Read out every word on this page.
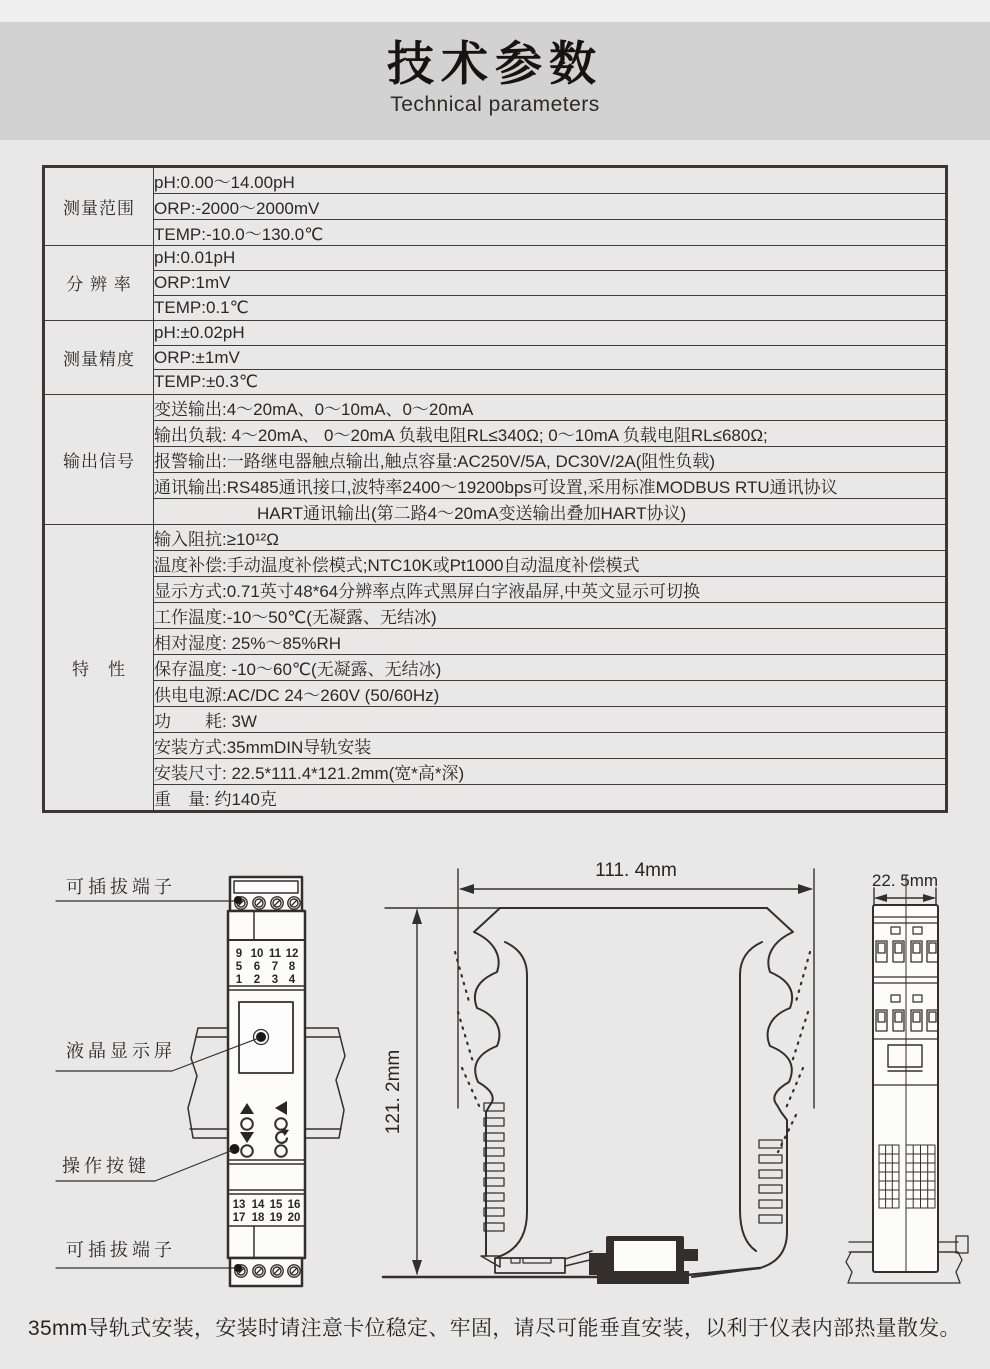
技术参数
Technical parameters
测量范围	pH:0.00～14.00pH
	ORP:-2000～2000mV
	TEMP:-10.0～130.0℃
分 辨 率	pH:0.01pH
	ORP:1mV
	TEMP:0.1℃
测量精度	pH:±0.02pH
	ORP:±1mV
	TEMP:±0.3℃
输出信号	变送输出:4～20mA、0～10mA、0～20mA
	输出负载: 4～20mA、 0～20mA 负载电阻RL≤340Ω; 0～10mA 负载电阻RL≤680Ω;
	报警输出:一路继电器触点输出,触点容量:AC250V/5A, DC30V/2A(阻性负载)
	通讯输出:RS485通讯接口,波特率2400～19200bps可设置,采用标准MODBUS RTU通讯协议
	HART通讯输出(第二路4～20mA变送输出叠加HART协议)
特　性	输入阻抗:≥10¹²Ω
	温度补偿:手动温度补偿模式;NTC10K或Pt1000自动温度补偿模式
	显示方式:0.71英寸48*64分辨率点阵式黑屏白字液晶屏,中英文显示可切换
	工作温度:-10～50℃(无凝露、无结冰)
	相对湿度: 25%～85%RH
	保存温度: -10～60℃(无凝露、无结冰)
	供电电源:AC/DC 24～260V (50/60Hz)
	功　　耗: 3W
	安装方式:35mmDIN导轨安装
	安装尺寸: 22.5*111.4*121.2mm(宽*高*深)
	重　量: 约140克
9 10 11 12
5 6 7 8
1 2 3 4
13 14 15 16
17 18 19 20
可插拔端子
液晶显示屏
操作按键
可插拔端子
111. 4mm
121. 2mm
22. 5mm

35mm导轨式安装，安装时请注意卡位稳定、牢固，请尽可能垂直安装，以利于仪表内部热量散发。
